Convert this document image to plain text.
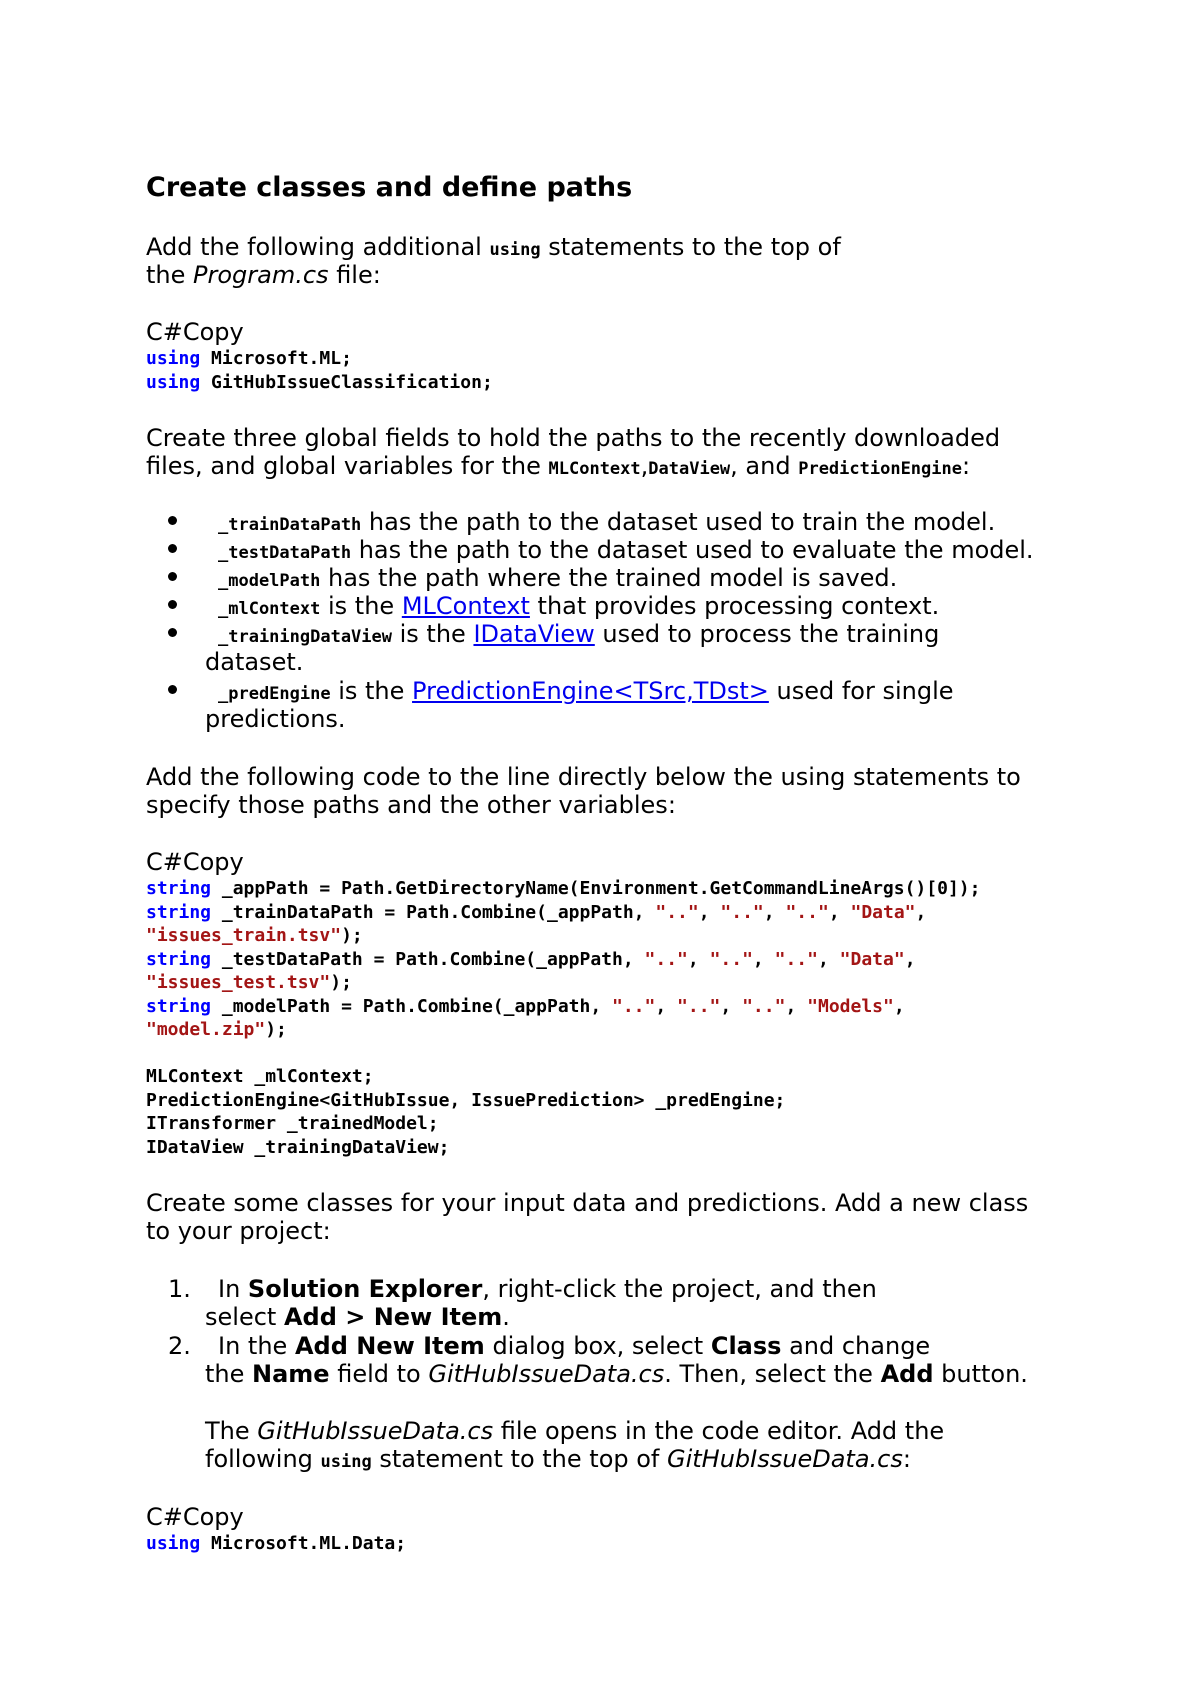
Create classes and define paths
Add the following additional using statements to the top of
the Program.cs file:
C#Copy
using Microsoft.ML;
using GitHubIssueClassification;
Create three global fields to hold the paths to the recently downloaded
files, and global variables for the MLContext,DataView, and PredictionEngine:
_trainDataPath has the path to the dataset used to train the model.
_testDataPath has the path to the dataset used to evaluate the model.
_modelPath has the path where the trained model is saved.
_mlContext is the MLContext that provides processing context.
_trainingDataView is the IDataView used to process the training
dataset.
_predEngine is the PredictionEngine<TSrc,TDst> used for single
predictions.
Add the following code to the line directly below the using statements to
specify those paths and the other variables:
C#Copy
string _appPath = Path.GetDirectoryName(Environment.GetCommandLineArgs()[0]);
string _trainDataPath = Path.Combine(_appPath, "..", "..", "..", "Data",
"issues_train.tsv");
string _testDataPath = Path.Combine(_appPath, "..", "..", "..", "Data",
"issues_test.tsv");
string _modelPath = Path.Combine(_appPath, "..", "..", "..", "Models",
"model.zip");
MLContext _mlContext;
PredictionEngine<GitHubIssue, IssuePrediction> _predEngine;
ITransformer _trainedModel;
IDataView _trainingDataView;
Create some classes for your input data and predictions. Add a new class
to your project:
1. In Solution Explorer, right-click the project, and then
select Add > New Item.
2. In the Add New Item dialog box, select Class and change
the Name field to GitHubIssueData.cs. Then, select the Add button.
The GitHubIssueData.cs file opens in the code editor. Add the
following using statement to the top of GitHubIssueData.cs:
C#Copy
using Microsoft.ML.Data;
